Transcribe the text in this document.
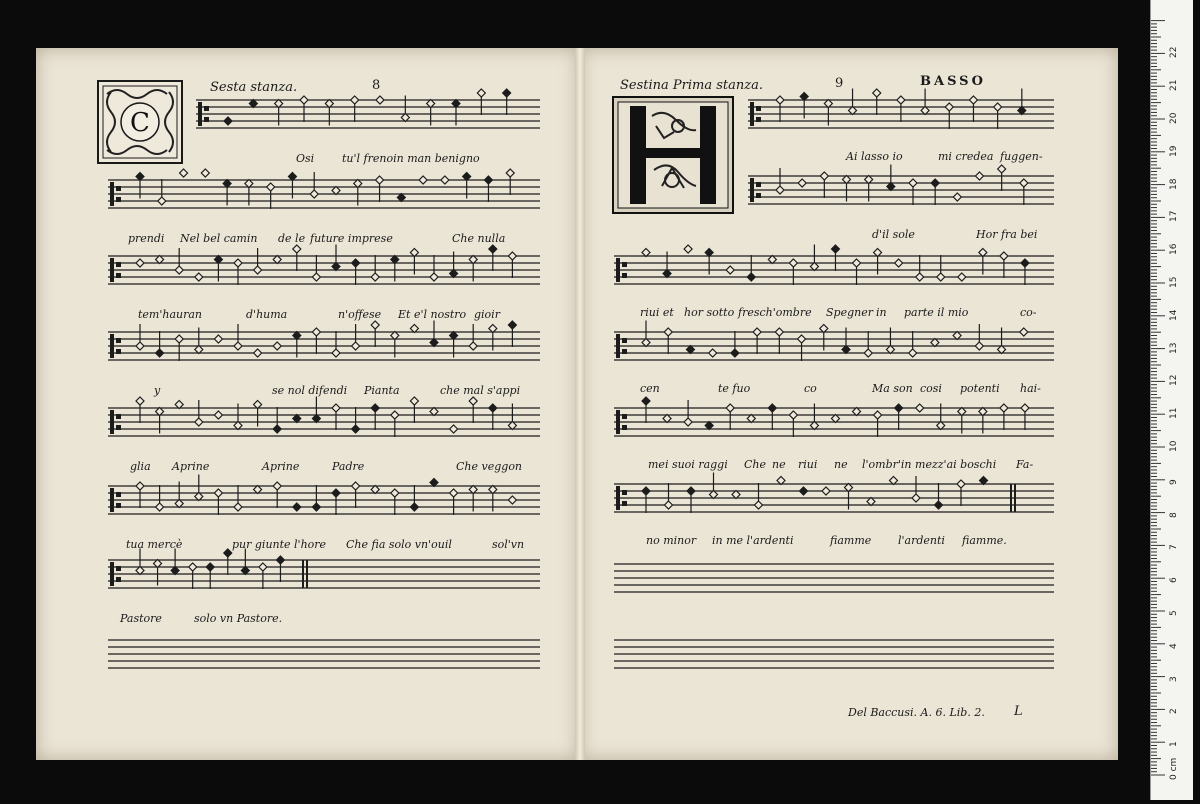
Sesta stanza.	8
C
Sestina Prima stanza.	9	BASSO
Osi	tu'l frenoin man benigno
prendi Nel bel camin de le future imprese	Che nulla
tem'hauran	d'huma	n'offese Et e'l nostro gioir
y	se nol difendi Pianta	che mal s'appi
glia Aprine	Aprine	Padre	Che veggon
tua mercè	pur giunte l'hore Che fia solo vn'ouil	sol'vn
Pastore	solo vn Pastore.
Ai lasso io	mi credea fuggen-
d'il sole	Hor fra bei
riui et hor sotto fresch'ombre Spegner in parte il mio	co-
cen	te fuo	co	Ma son cosi potenti hai-
mei suoi raggi Che ne riui ne l'ombr'in mezz'ai boschi Fa-
no minor in me l'ardenti	fiamme l'ardenti fiamme.
Del Baccusi. A. 6. Lib. 2. L
22
21
20
19
18
17
16
15
14
13
12
11
10
9
8
7
6
5
4
3
2
1
0 cm
